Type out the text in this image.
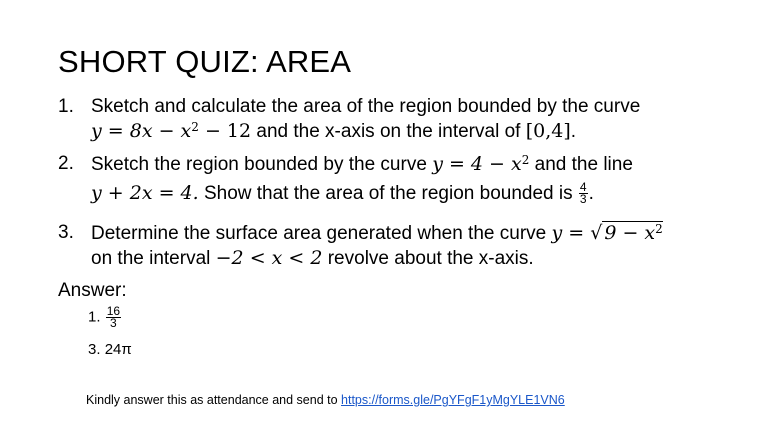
SHORT QUIZ: AREA
1. Sketch and calculate the area of the region bounded by the curve
$y = 8x - x^2 - 12$ and the x-axis on the interval of [0,4].
2. Sketch the region bounded by the curve $y = 4 - x^2$ and the line
y + 2x = 4. Show that the area of the region bounded is $\frac{4}{3}$ .
3. Determine the surface area generated when the curve y = √ $9 - x^2$
on the interval −2 < x < 2 revolve about the x-axis.
Answer:
1. $\frac{16}{3}$
3. 24π
Kindly answer this as attendance and send to https://forms.gle/PgYFgF1yMgYLE1VN6
